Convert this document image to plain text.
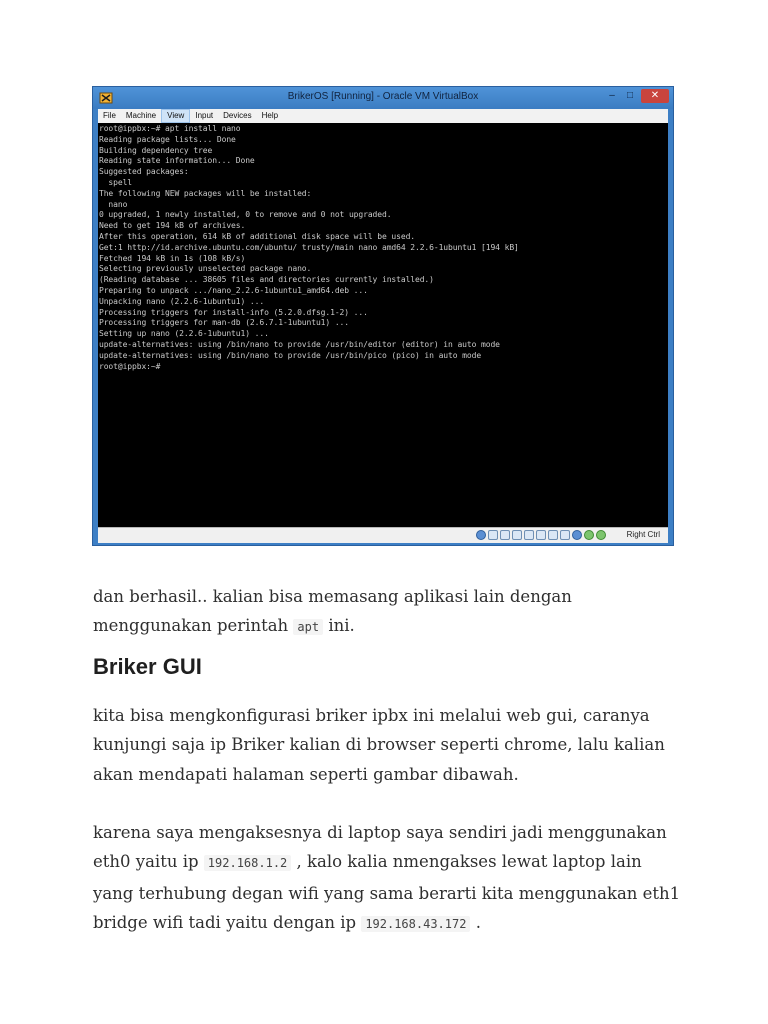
BrikerOS [Running] - Oracle VM VirtualBox	‒	□	✕
File	Machine	View	Input	Devices	Help
root@ippbx:~# apt install nano
Reading package lists... Done
Building dependency tree
Reading state information... Done
Suggested packages:
spell
The following NEW packages will be installed:
nano
0 upgraded, 1 newly installed, 0 to remove and 0 not upgraded.
Need to get 194 kB of archives.
After this operation, 614 kB of additional disk space will be used.
Get:1 http://id.archive.ubuntu.com/ubuntu/ trusty/main nano amd64 2.2.6-1ubuntu1 [194 kB]
Fetched 194 kB in 1s (108 kB/s)
Selecting previously unselected package nano.
(Reading database ... 38605 files and directories currently installed.)
Preparing to unpack .../nano_2.2.6-1ubuntu1_amd64.deb ...
Unpacking nano (2.2.6-1ubuntu1) ...
Processing triggers for install-info (5.2.0.dfsg.1-2) ...
Processing triggers for man-db (2.6.7.1-1ubuntu1) ...
Setting up nano (2.2.6-1ubuntu1) ...
update-alternatives: using /bin/nano to provide /usr/bin/editor (editor) in auto mode
update-alternatives: using /bin/nano to provide /usr/bin/pico (pico) in auto mode
root@ippbx:~#
Right Ctrl

dan berhasil.. kalian bisa memasang aplikasi lain dengan menggunakan perintah apt ini.

Briker GUI

kita bisa mengkonfigurasi briker ipbx ini melalui web gui, caranya kunjungi saja ip Briker kalian di browser seperti chrome, lalu kalian akan mendapati halaman seperti gambar dibawah.

karena saya mengaksesnya di laptop saya sendiri jadi menggunakan eth0 yaitu ip 192.168.1.2 , kalo kalia nmengakses lewat laptop lain yang terhubung degan wifi yang sama berarti kita menggunakan eth1 bridge wifi tadi yaitu dengan ip 192.168.43.172 .
